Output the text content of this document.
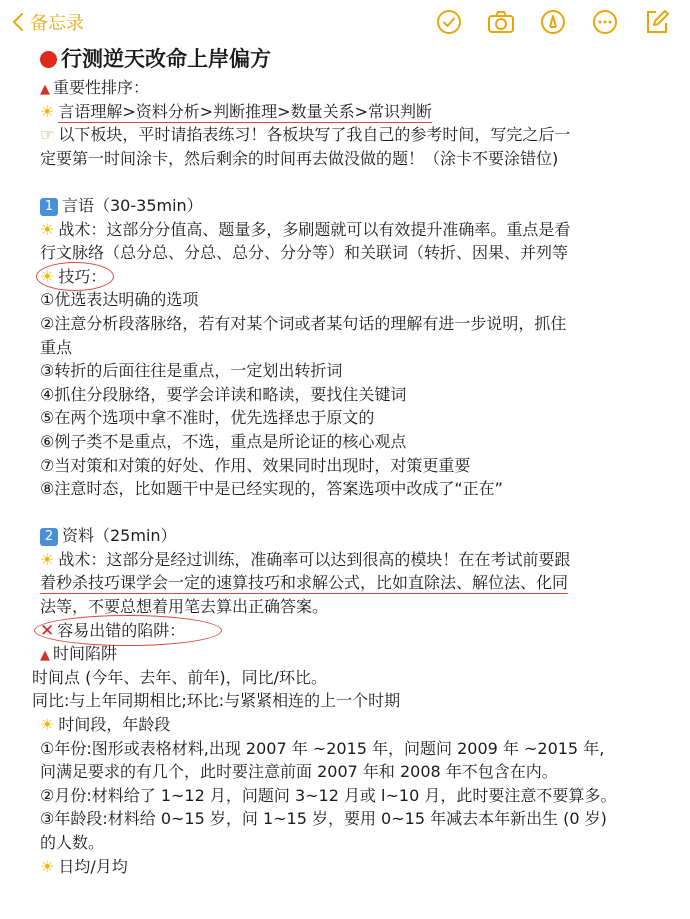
备忘录
行测逆天改命上岸偏方
▲ 重要性排序：
☀ 言语理解>资料分析>判断推理>数量关系>常识判断
☞ 以下板块，平时请掐表练习！各板块写了我自己的参考时间，写完之后一
定要第一时间涂卡，然后剩余的时间再去做没做的题！（涂卡不要涂错位)
1 言语（30-35min）
☀ 战术：这部分分值高、题量多，多刷题就可以有效提升准确率。重点是看
行文脉络（总分总、分总、总分、分分等）和关联词（转折、因果、并列等
☀ 技巧：
①优选表达明确的选项
②注意分析段落脉络，若有对某个词或者某句话的理解有进一步说明，抓住
重点
③转折的后面往往是重点，一定划出转折词
④抓住分段脉络，要学会详读和略读，要找住关键词
⑤在两个选项中拿不准时，优先选择忠于原文的
⑥例子类不是重点，不选，重点是所论证的核心观点
⑦当对策和对策的好处、作用、效果同时出现时，对策更重要
⑧注意时态，比如题干中是已经实现的，答案选项中改成了“正在”
2 资料（25min）
☀ 战术：这部分是经过训练，准确率可以达到很高的模块！在在考试前要跟
着秒杀技巧课学会一定的速算技巧和求解公式，比如直除法、解位法、化同
法等，不要总想着用笔去算出正确答案。
✕ 容易出错的陷阱：
▲ 时间陷阱
时间点 (今年、去年、前年)，同比/环比。
同比:与上年同期相比;环比:与紧紧相连的上一个时期
☀ 时间段，年龄段
①年份:图形或表格材料,出现 2007 年 ~2015 年，问题问 2009 年 ~2015 年,
问满足要求的有几个，此时要注意前面 2007 年和 2008 年不包含在内。
②月份:材料给了 1~12 月，问题问 3~12 月或 l~10 月，此时要注意不要算多。
③年龄段:材料给 0~15 岁，问 1~15 岁，要用 0~15 年减去本年新出生 (0 岁)
的人数。
☀ 日均/月均
